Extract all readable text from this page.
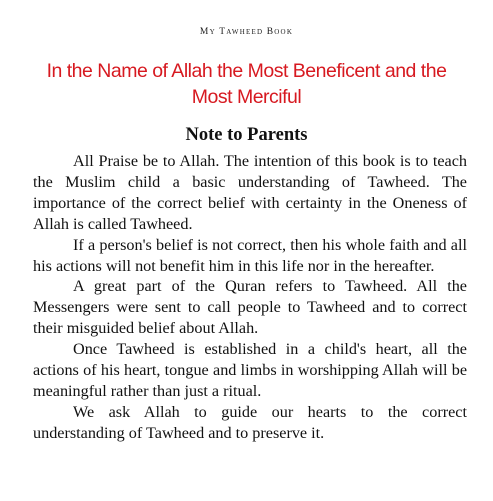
My Tawheed Book
In the Name of Allah the Most Beneficent and the
Most Merciful
Note to Parents

All Praise be to Allah. The intention of this book is to teach the Muslim child a basic understanding of Tawheed. The importance of the correct belief with certainty in the Oneness of Allah is called Tawheed.

If a person's belief is not correct, then his whole faith and all his actions will not benefit him in this life nor in the hereafter.

A great part of the Quran refers to Tawheed. All the Messengers were sent to call people to Tawheed and to correct their misguided belief about Allah.

Once Tawheed is established in a child's heart, all the actions of his heart, tongue and limbs in worshipping Allah will be meaningful rather than just a ritual.

We ask Allah to guide our hearts to the correct understanding of Tawheed and to preserve it.
